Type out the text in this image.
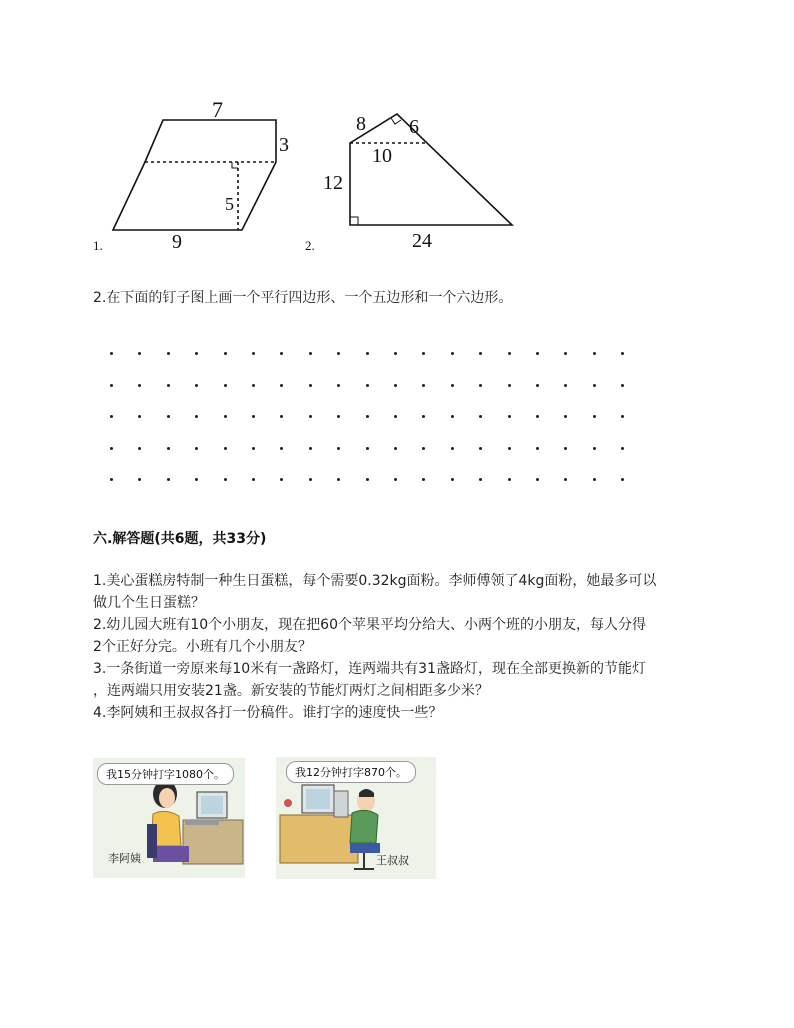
7
3
5
9
1.
8 6
10
12
24
2.
2.在下面的钉子图上画一个平行四边形、一个五边形和一个六边形。
六.解答题(共6题，共33分)
1.美心蛋糕房特制一种生日蛋糕，每个需要0.32kg面粉。李师傅领了4kg面粉，她最多可以
做几个生日蛋糕？
2.幼儿园大班有10个小朋友，现在把60个苹果平均分给大、小两个班的小朋友，每人分得
2个正好分完。小班有几个小朋友？
3.一条街道一旁原来每10米有一盏路灯，连两端共有31盏路灯，现在全部更换新的节能灯
，连两端只用安装21盏。新安装的节能灯两灯之间相距多少米？
4.李阿姨和王叔叔各打一份稿件。谁打字的速度快一些？
我15分钟打字1080个。
李阿姨
我12分钟打字870个。
王叔叔
